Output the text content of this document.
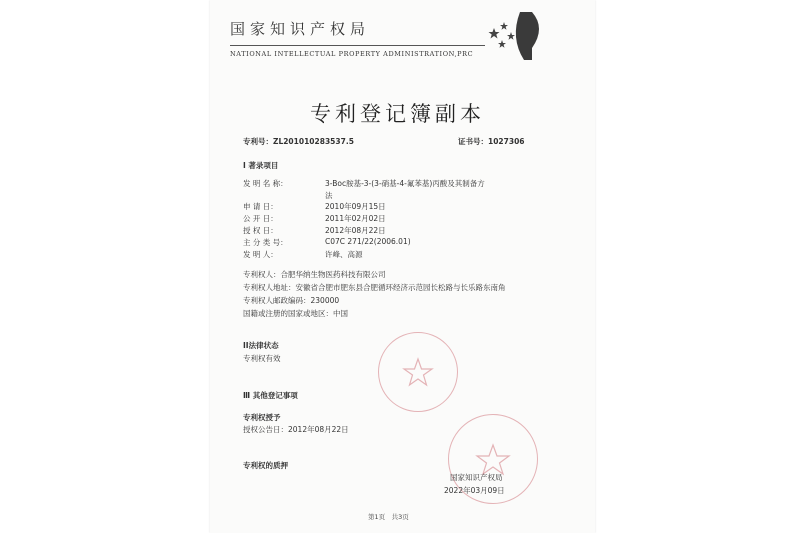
国家知识产权局
NATIONAL INTELLECTUAL PROPERTY ADMINISTRATION,PRC
专利登记簿副本
专利号：ZL201010283537.5	证书号：1027306
Ⅰ 著录项目
发 明 名 称：	3-Boc胺基-3-(3-硝基-4-氟苯基)丙酸及其制备方
法
申 请 日：	2010年09月15日
公 开 日：	2011年02月02日
授 权 日：	2012年08月22日
主 分 类 号：	C07C 271/22(2006.01)
发 明 人：	许峰、高源
专利权人：合肥华纳生物医药科技有限公司
专利权人地址：安徽省合肥市肥东县合肥循环经济示范园长松路与长乐路东南角
专利权人邮政编码：230000
国籍或注册的国家或地区：中国
II法律状态
专利权有效
Ⅲ 其他登记事项
专利权授予
授权公告日：2012年08月22日
专利权的质押
国家知识产权局
2022年03月09日
第1页　共3页
